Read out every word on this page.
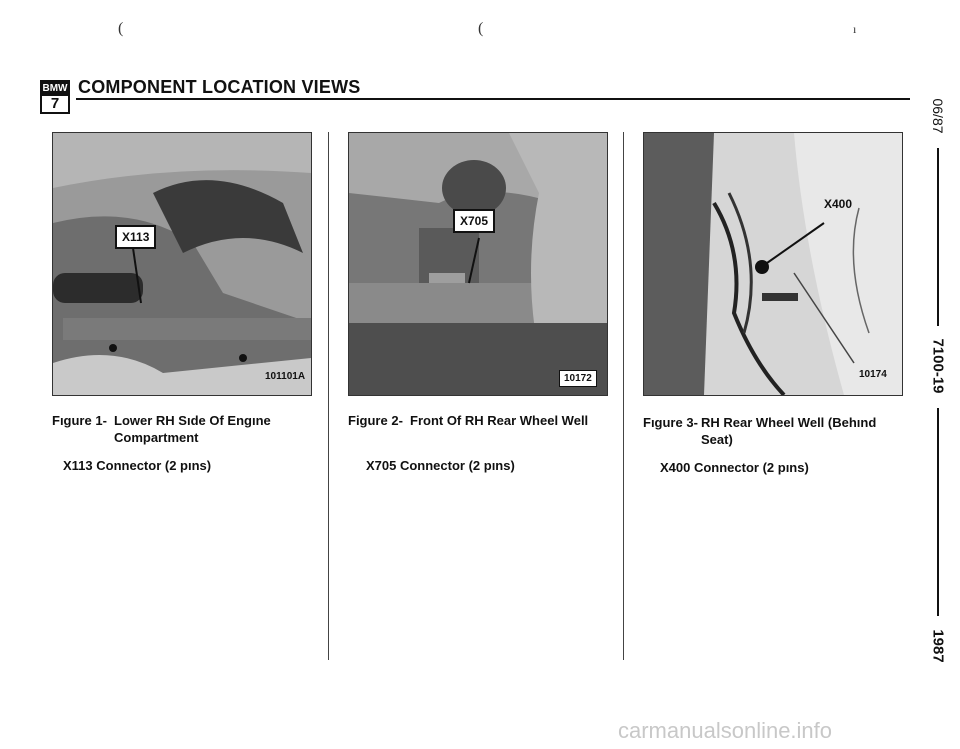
(	(	ı
BMW
7
COMPONENT LOCATION VIEWS
X113
101101A
X705
10172
X400
10174
Fıgure 1- Lower RH Sıde Of Engıne
Compartment
X113 Connector (2 pıns)
Figure 2- Front Of RH Rear Wheel Well
X705 Connector (2 pıns)
Fıgure 3- RH Rear Wheel Well (Behınd
Seat)
X400 Connector (2 pıns)
06/87
7100-19
1987
carmanualsonline.info
